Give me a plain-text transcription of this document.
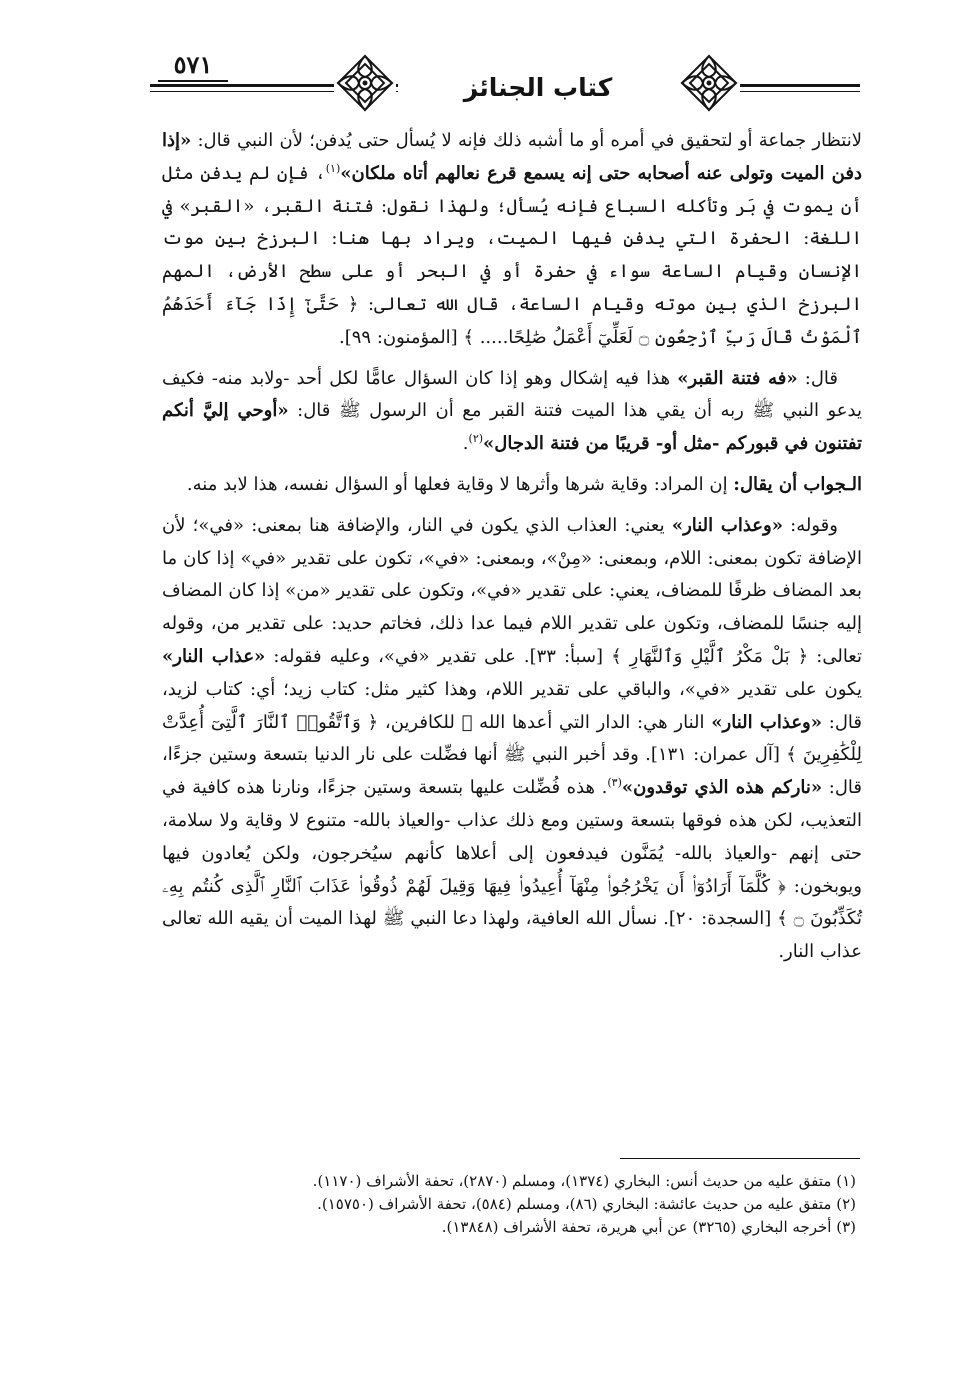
٥٧١
كتاب الجنائز

لانتظار جماعة أو لتحقيق في أمره أو ما أشبه ذلك فإنه لا يُسأل حتى يُدفن؛ لأن النبي قال: «إذا دفن الميت وتولى عنه أصحابه حتى إنه يسمع قرع نعالهم أتاه ملكان»$^{(١)}$، فإن لم يدفن مثل أن يموت في بَر وتأكله السباع فإنه يُسأل؛ ولهذا نقول: فتنة القبر، «القبر» في اللغة: الحفرة التي يدفن فيها الميت، ويراد بها هنا: البرزخ بين موت الإنسان وقيام الساعة سواء في حفرة أو في البحر أو على سطح الأرض، المهم البرزخ الذي بين موته وقيام الساعة، قال الله تعالى: ﴿ حَتَّىٰٓ إِذَا جَآءَ أَحَدَهُمُ ٱلْمَوْتُ قَالَ رَبِّ ٱرْجِعُونِ ۝ لَعَلِّيٓ أَعْمَلُ صَٰلِحًا..... ﴾ [المؤمنون: ٩٩].

قال: «فه فتنة القبر» هذا فيه إشكال وهو إذا كان السؤال عامًّا لكل أحد -ولابد منه- فكيف يدعو النبي ﷺ ربه أن يقي هذا الميت فتنة القبر مع أن الرسول ﷺ قال: «أوحي إليَّ أنكم تفتنون في قبوركم -مثل أو- قريبًا من فتنة الدجال»$^{(٢)}$.

الـجواب أن يقال: إن المراد: وقاية شرها وأثرها لا وقاية فعلها أو السؤال نفسه، هذا لابد منه.

وقوله: «وعذاب النار» يعني: العذاب الذي يكون في النار، والإضافة هنا بمعنى: «في»؛ لأن الإضافة تكون بمعنى: اللام، وبمعنى: «مِنْ»، وبمعنى: «في»، تكون على تقدير «في» إذا كان ما بعد المضاف ظرفًا للمضاف، يعني: على تقدير «في»، وتكون على تقدير «من» إذا كان المضاف إليه جنسًا للمضاف، وتكون على تقدير اللام فيما عدا ذلك، فخاتم حديد: على تقدير من، وقوله تعالى: ﴿ بَلْ مَكْرُ ٱلَّيْلِ وَٱلنَّهَارِ ﴾ [سبأ: ٣٣]. على تقدير «في»، وعليه فقوله: «عذاب النار» يكون على تقدير «في»، والباقي على تقدير اللام، وهذا كثير مثل: كتاب زيد؛ أي: كتاب لزيد، قال: «وعذاب النار» النار هي: الدار التي أعدها الله ﷻ للكافرين، ﴿ وَٱتَّقُوا۟ ٱلنَّارَ ٱلَّتِىٓ أُعِدَّتْ لِلْكَٰفِرِينَ ﴾ [آل عمران: ١٣١]. وقد أخبر النبي ﷺ أنها فضِّلت على نار الدنيا بتسعة وستين جزءًا، قال: «ناركم هذه الذي توقدون»$^{(٣)}$. هذه فُضِّلت عليها بتسعة وستين جزءًا، ونارنا هذه كافية في التعذيب، لكن هذه فوقها بتسعة وستين ومع ذلك عذاب -والعياذ بالله- متنوع لا وقاية ولا سلامة، حتى إنهم -والعياذ بالله- يُمَنَّون فيدفعون إلى أعلاها كأنهم سيُخرجون، ولكن يُعادون فيها ويوبخون: ﴿ كُلَّمَآ أَرَادُوٓا۟ أَن يَخْرُجُوا۟ مِنْهَآ أُعِيدُوا۟ فِيهَا وَقِيلَ لَهُمْ ذُوقُوا۟ عَذَابَ ٱلنَّارِ ٱلَّذِى كُنتُم بِهِۦ تُكَذِّبُونَ ۝ ﴾ [السجدة: ٢٠]. نسأل الله العافية، ولهذا دعا النبي ﷺ لهذا الميت أن يقيه الله تعالى عذاب النار.

(١) متفق عليه من حديث أنس: البخاري (١٣٧٤)، ومسلم (٢٨٧٠)، تحفة الأشراف (١١٧٠).
(٢) متفق عليه من حديث عائشة: البخاري (٨٦)، ومسلم (٥٨٤)، تحفة الأشراف (١٥٧٥٠).
(٣) أخرجه البخاري (٣٢٦٥) عن أبي هريرة، تحفة الأشراف (١٣٨٤٨).
